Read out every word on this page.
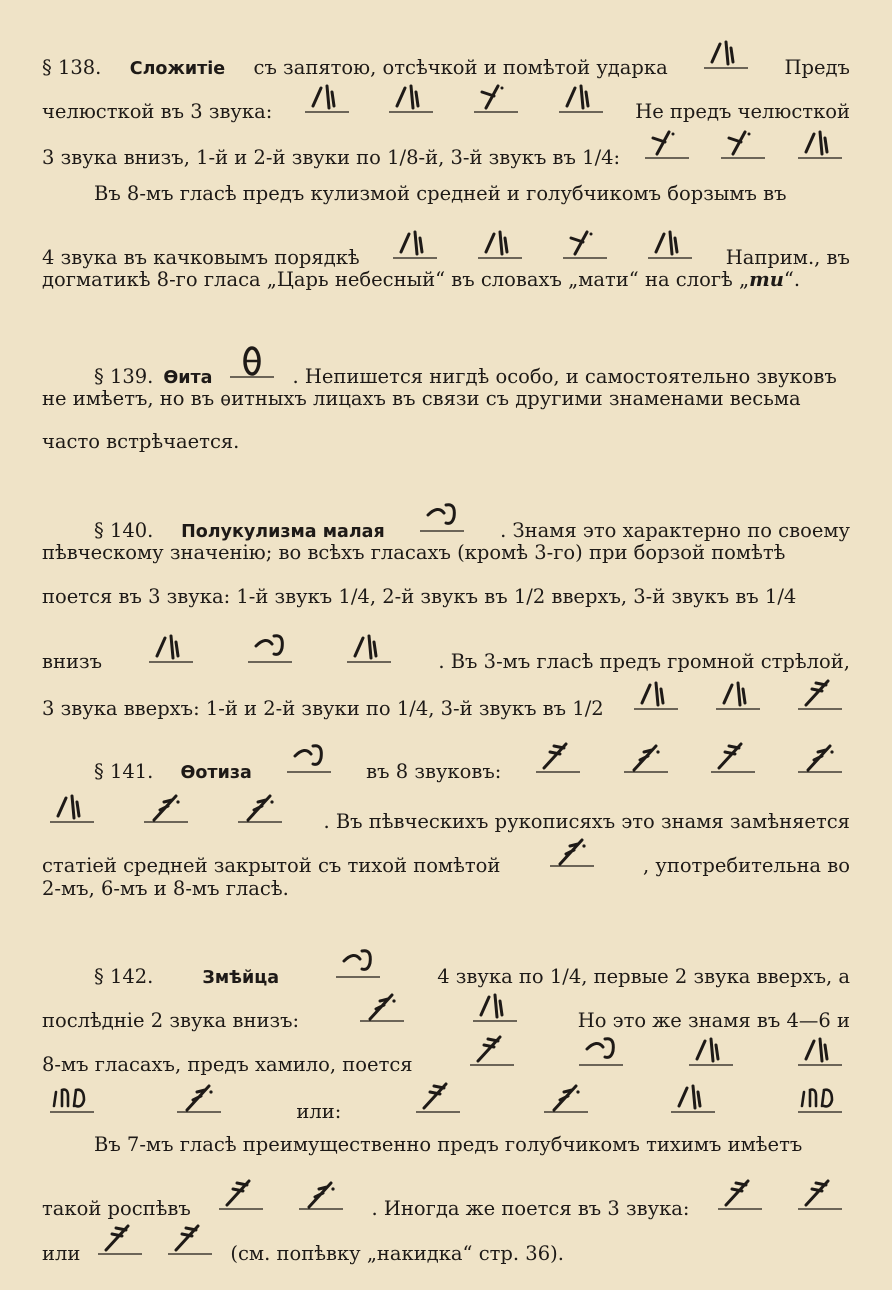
§ 138. Сложитіе съ запятою, отсѣчкой и помѣтой ударка	Предъ
челюсткой въ 3 звука:	Не предъ челюсткой
3 звука внизъ, 1-й и 2-й звуки по 1/8-й, 3-й звукъ въ 1/4:
Въ 8-мъ гласѣ предъ кулизмой средней и голубчикомъ борзымъ въ
4 звука въ качковымъ порядкѣ	Наприм., въ
догматикѣ 8-го гласа „Царь небесный“ въ словахъ „мати“ на слогѣ „ти“.
§ 139. Ѳита	. Непишется нигдѣ особо, и самостоятельно звуковъ
не имѣетъ, но въ ѳитныхъ лицахъ въ связи съ другими знаменами весьма
часто встрѣчается.
§ 140. Полукулизма малая	. Знамя это характерно по своему
пѣвческому значенію; во всѣхъ гласахъ (кромѣ 3-го) при борзой помѣтѣ
поется въ 3 звука: 1-й звукъ 1/4, 2-й звукъ въ 1/2 вверхъ, 3-й звукъ въ 1/4
внизъ	. Въ 3-мъ гласѣ предъ громной стрѣлой,
3 звука вверхъ: 1-й и 2-й звуки по 1/4, 3-й звукъ въ 1/2
§ 141. Ѳотиза	въ 8 звуковъ:
. Въ пѣвческихъ рукописяхъ это знамя замѣняется
статіей средней закрытой съ тихой помѣтой	, употребительна во
2-мъ, 6-мъ и 8-мъ гласѣ.
§ 142.	Змѣйца	4 звука по 1/4, первые 2 звука вверхъ, а
послѣдніе 2 звука внизъ:	Но это же знамя въ 4—6 и
8-мъ гласахъ, предъ хамило, поется
или:
Въ 7-мъ гласѣ преимущественно предъ голубчикомъ тихимъ имѣетъ
такой роспѣвъ	. Иногда же поется въ 3 звука:
или	(см. попѣвку „накидка“ стр. 36).
